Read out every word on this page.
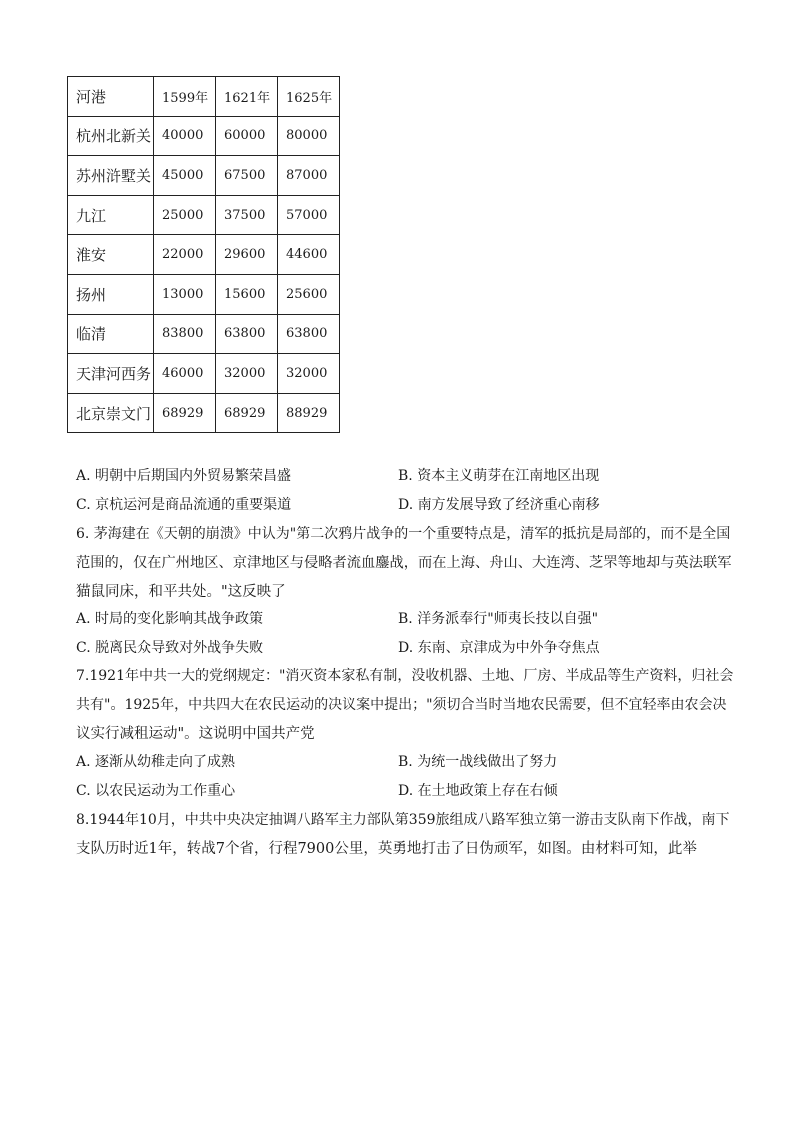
河港	1599年	1621年	1625年
杭州北新关	40000	60000	80000
苏州浒墅关	45000	67500	87000
九江	25000	37500	57000
淮安	22000	29600	44600
扬州	13000	15600	25600
临清	83800	63800	63800
天津河西务	46000	32000	32000
北京崇文门	68929	68929	88929
A. 明朝中后期国内外贸易繁荣昌盛	B. 资本主义萌芽在江南地区出现
C. 京杭运河是商品流通的重要渠道	D. 南方发展导致了经济重心南移
6. 茅海建在《天朝的崩溃》中认为"第二次鸦片战争的一个重要特点是，清军的抵抗是局部的，而不是全国
范围的，仅在广州地区、京津地区与侵略者流血鏖战，而在上海、舟山、大连湾、芝罘等地却与英法联军
猫鼠同床，和平共处。"这反映了
A. 时局的变化影响其战争政策	B. 洋务派奉行"师夷长技以自强"
C. 脱离民众导致对外战争失败	D. 东南、京津成为中外争夺焦点
7.1921年中共一大的党纲规定："消灭资本家私有制，没收机器、土地、厂房、半成品等生产资料，归社会
共有"。1925年，中共四大在农民运动的决议案中提出；"须切合当时当地农民需要，但不宜轻率由农会决
议实行减租运动"。这说明中国共产党
A. 逐渐从幼稚走向了成熟	B. 为统一战线做出了努力
C. 以农民运动为工作重心	D. 在土地政策上存在右倾
8.1944年10月，中共中央决定抽调八路军主力部队第359旅组成八路军独立第一游击支队南下作战，南下
支队历时近1年，转战7个省，行程7900公里，英勇地打击了日伪顽军，如图。由材料可知，此举
